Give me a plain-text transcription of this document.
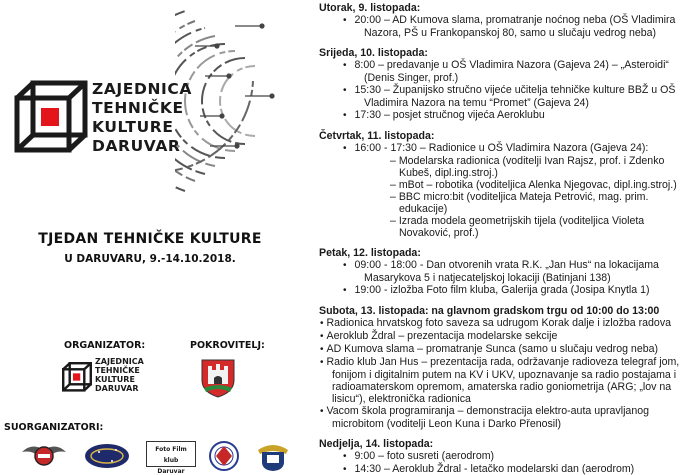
ZAJEDNICA
TEHNIČKE
KULTURE
DARUVAR
TJEDAN TEHNIČKE KULTURE
U DARUVARU, 9.-14.10.2018.
ORGANIZATOR:
ZAJEDNICA
TEHNIČKE
KULTURE
DARUVAR
POKROVITELJ:
SUORGANIZATORI:
Foto Film klub
Daruvar
Utorak, 9. listopada:
• 20:00 – AD Kumova slama, promatranje noćnog neba (OŠ Vladimira Nazora, PŠ u Frankopanskoj 80, samo u slučaju vedrog neba)
Srijeda, 10. listopada:
• 8:00 – predavanje u OŠ Vladimira Nazora (Gajeva 24) – „Asteroidi“ (Denis Singer, prof.)
• 15:30 – Županijsko stručno vijeće učitelja tehničke kulture BBŽ u OŠ Vladimira Nazora na temu “Promet” (Gajeva 24)
• 17:30 – posjet stručnog vijeća Aeroklubu
Četvrtak, 11. listopada:
• 16:00 - 17:30 – Radionice u OŠ Vladimira Nazora (Gajeva 24):
– Modelarska radionica (voditelji Ivan Rajsz, prof. i Zdenko Kubeš, dipl.ing.stroj.)
– mBot – robotika (voditeljica Alenka Njegovac, dipl.ing.stroj.)
– BBC micro:bit (voditeljica Mateja Petrović, mag. prim. edukacije)
– Izrada modela geometrijskih tijela (voditeljica Violeta Novaković, prof.)
Petak, 12. listopada:
• 09:00 - 18:00 - Dan otvorenih vrata R.K. „Jan Hus“ na lokacijama Masarykova 5 i natjecateljskoj lokaciji (Batinjani 138)
• 19:00 - izložba Foto film kluba, Galerija grada (Josipa Knytla 1)
Subota, 13. listopada: na glavnom gradskom trgu od 10:00 do 13:00
• Radionica hrvatskog foto saveza sa udrugom Korak dalje i izložba radova
• Aeroklub Ždral – prezentacija modelarske sekcije
• AD Kumova slama – promatranje Sunca (samo u slučaju vedrog neba)
• Radio klub Jan Hus – prezentacija rada, održavanje radioveza telegraf jom, fonijom i digitalnim putem na KV i UKV, upoznavanje sa radio postajama i radioamaterskom opremom, amaterska radio goniometrija (ARG; „lov na lisicu“), elektronička radionica
• Vacom škola programiranja – demonstracija elektro-auta upravljanog microbitom (voditelji Leon Kuna i Darko Přenosil)
Nedjelja, 14. listopada:
• 9:00 – foto susreti (aerodrom)
• 14:30 – Aeroklub Ždral - letačko modelarski dan (aerodrom)
